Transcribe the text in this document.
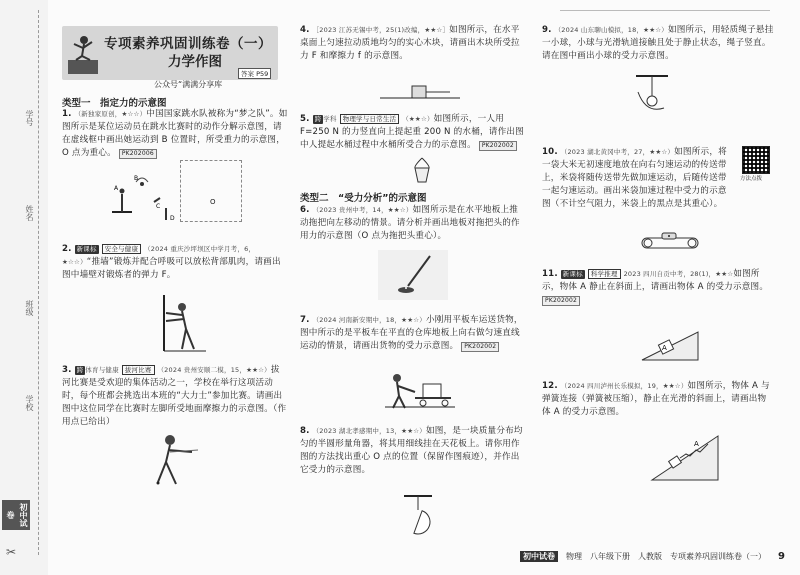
学号
姓名
班级
学校
初中试卷
✂
专项素养巩固训练卷（一）
力学作图
答案 P59
公众号“满满分享库
类型一　指定力的示意图
1. （新独家原创，★☆☆）中国国家跳水队被称为“梦之队”。如图所示是某位运动员在跳水比赛时的动作分解示意图，请在虚线框中画出她运动到 B 位置时，所受重力的示意图，O 点为重心。 PK202006
A
B
C
D
O
2. 新课标 安全与健康 （2024 重庆沙坪坝区中学月考，6，★☆☆）“推墙”锻炼并配合呼吸可以放松背部肌肉，请画出图中墙壁对锻炼者的弹力 F。
3. 跨 体育与健康 拔河比赛 （2024 贵州安顺二模，15，★★☆）拔河比赛是受欢迎的集体活动之一，学校在举行这项活动时，每个班都会挑选出本班的“大力士”参加比赛。请画出图中这位同学在比赛时左脚所受地面摩擦力的示意图。（作用点已给出）
4. ［2023 江苏无锡中考，25(1)改编，★★☆］如图所示，在水平桌面上匀速拉动质地均匀的实心木块，请画出木块所受拉力 F 和摩擦力 f 的示意图。
5. 跨 学科 物理学与日常生活 （★★☆）如图所示，一人用 F=250 N 的力竖直向上提起重 200 N 的水桶，请作出图中人提起水桶过程中水桶所受合力的示意图。 PK202002
类型二　“受力分析”的示意图
6. （2023 贵州中考，14，★★☆）如图所示是在水平地板上推动拖把向左移动的情景。请分析并画出地板对拖把头的作用力的示意图（O 点为拖把头重心）。
7. （2024 河南新安期中，18，★★☆）小刚用平板车运送货物，图中所示的是平板车在平直的仓库地板上向右做匀速直线运动的情景，请画出货物的受力示意图。 PK202002
8. （2023 湖北孝感期中，13，★★☆）如图，是一块质量分布均匀的半圆形量角器，将其用细线挂在天花板上。请你用作图的方法找出重心 O 点的位置（保留作图痕迹），并作出它受力的示意图。
9. （2024 山东聊山模拟，18，★★☆）如图所示，用轻质绳子悬挂一小球，小球与光滑轨道接触且处于静止状态，绳子竖直。请在图中画出小球的受力示意图。
10. （2023 湖北黄冈中考，27，★★☆）如图所示，将一袋大米无初速度地放在向右匀速运动的传送带上，米袋将随传送带先做加速运动，后随传送带一起匀速运动。画出米袋加速过程中受力的示意图（不计空气阻力，米袋上的黑点是其重心）。
方法点拨
11. 新课标 科学推理 2023 四川自贡中考，28(1)，★★☆如图所示，物体 A 静止在斜面上，请画出物体 A 的受力示意图。 PK202002
A
12. （2024 四川泸州长乐模拟，19，★★☆）如图所示，物体 A 与弹簧连接（弹簧被压缩），静止在光滑的斜面上，请画出物体 A 的受力示意图。
A
初中试卷	物理 八年级下册 人教版 专项素养巩固训练卷（一） 9
